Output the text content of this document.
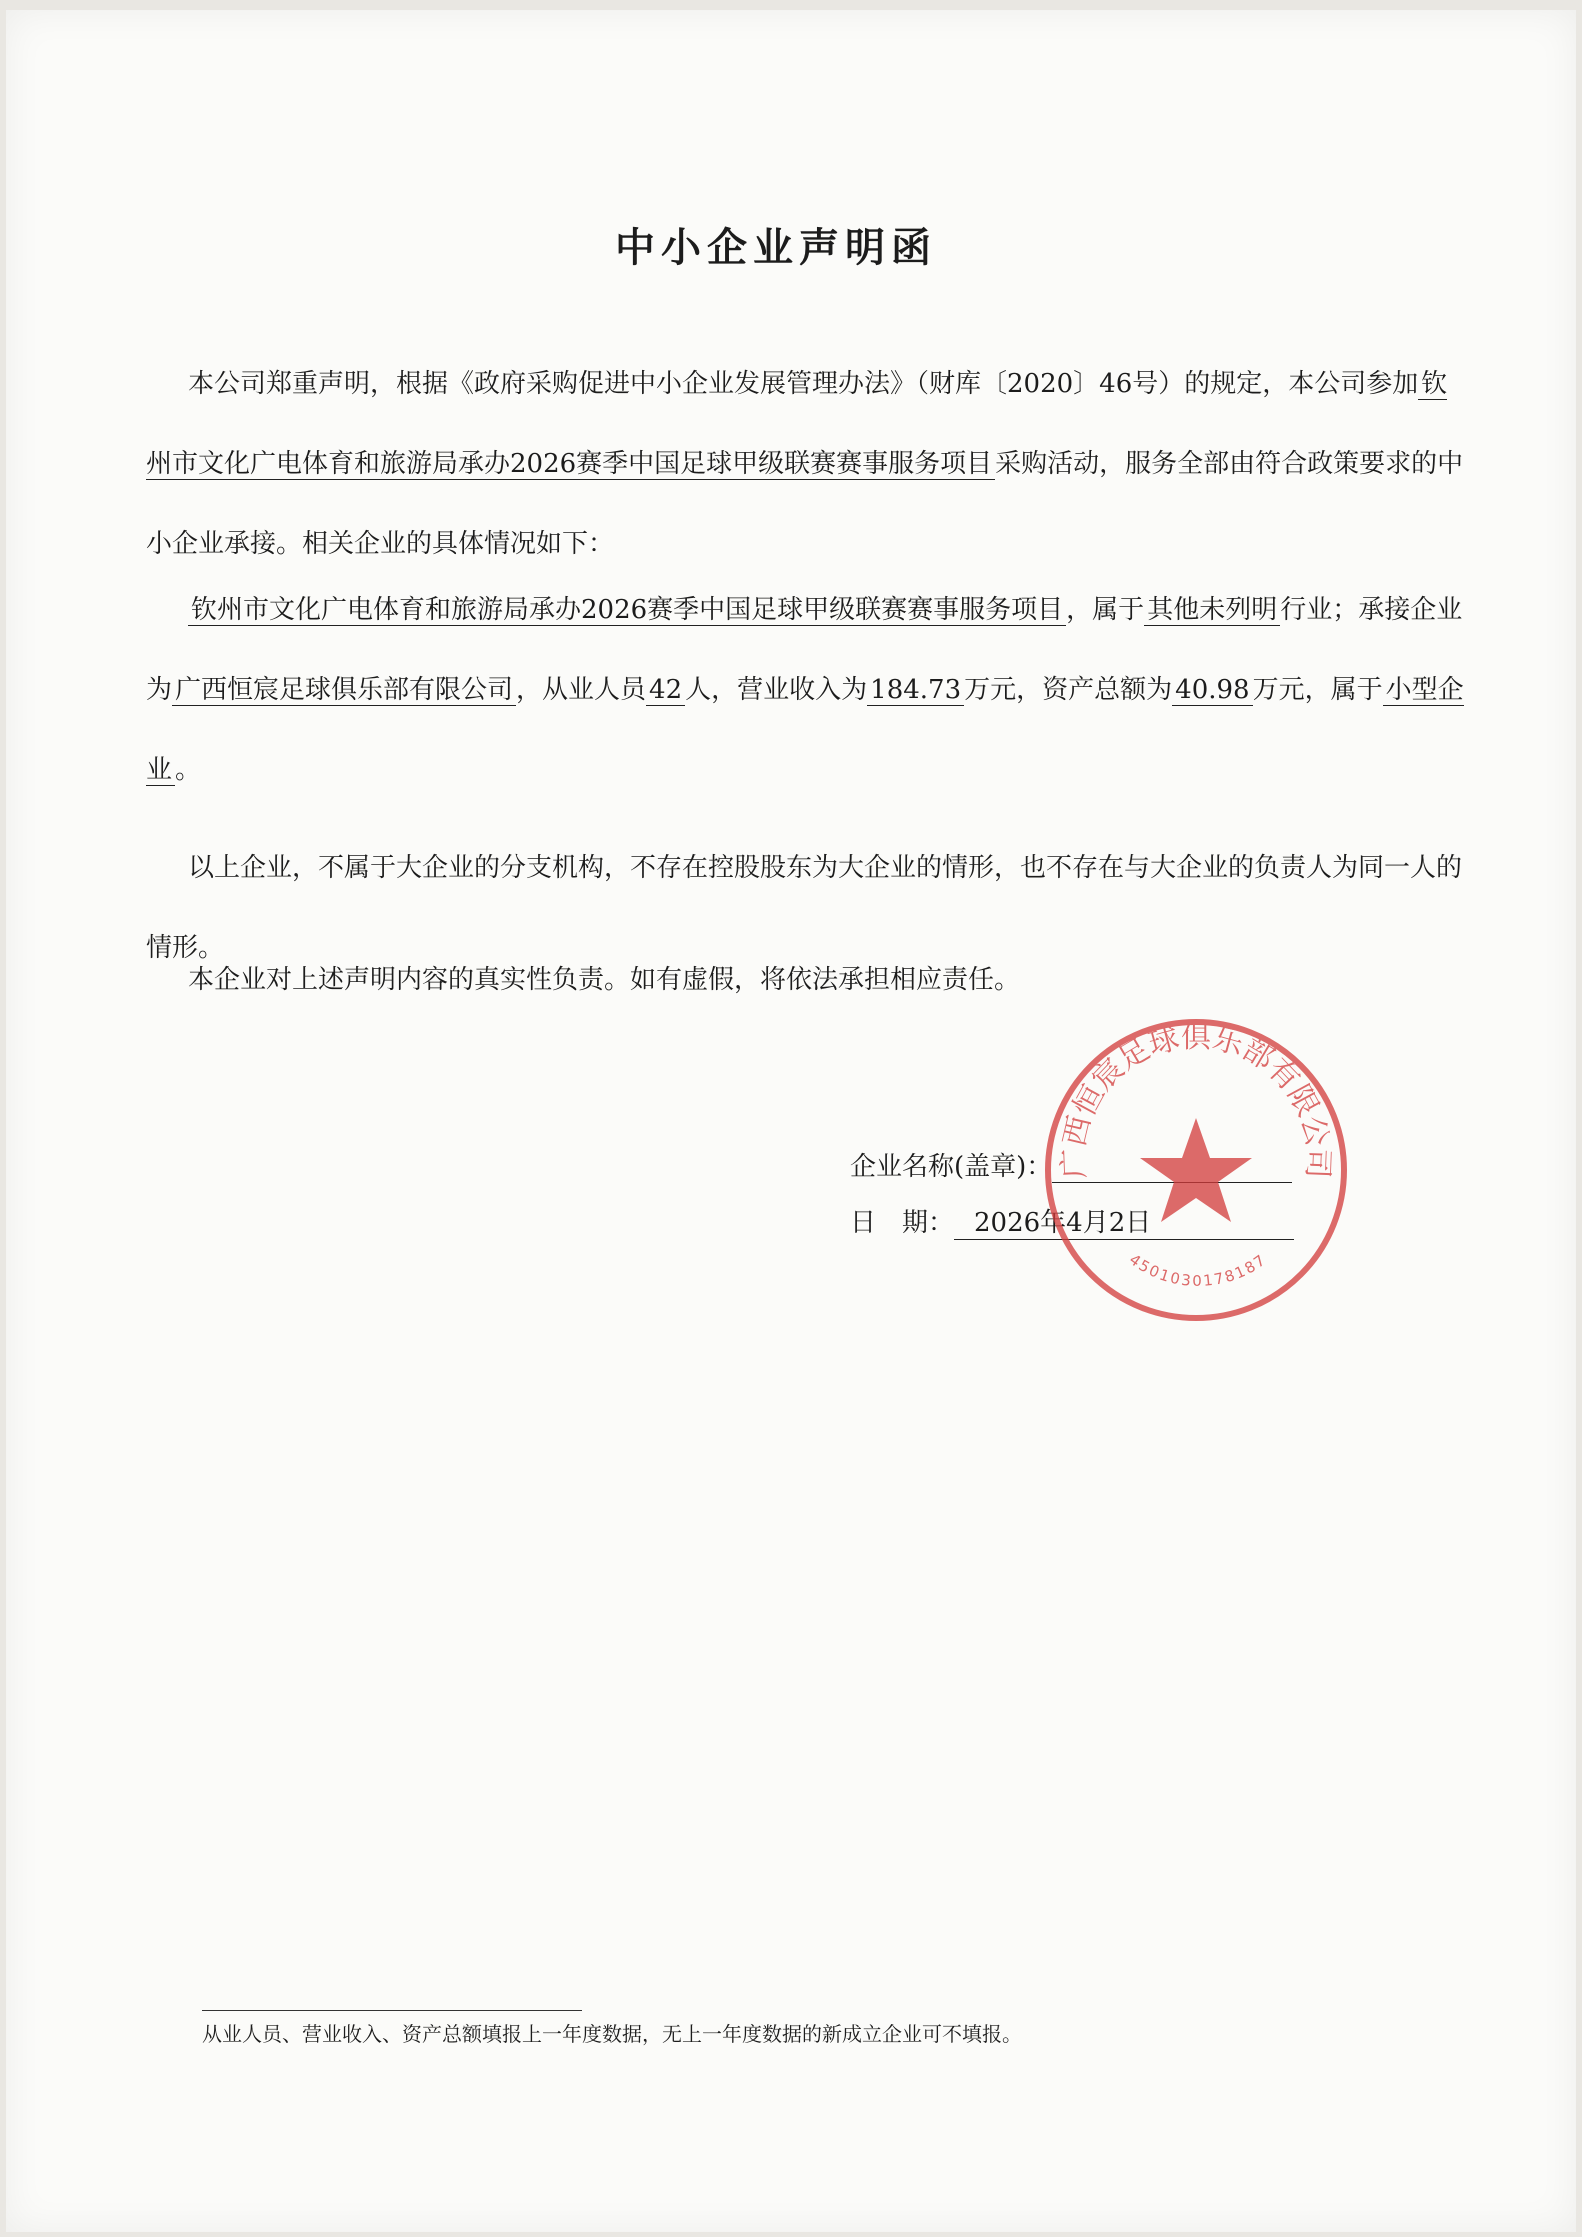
中小企业声明函
本公司郑重声明，根据《政府采购促进中小企业发展管理办法》（财库〔2020〕46号）的规定，本公司参加 钦州市文化广电体育和旅游局承办2026赛季中国足球甲级联赛赛事服务项目 采购活动，服务全部由符合政策要求的中小企业承接。相关企业的具体情况如下：
钦州市文化广电体育和旅游局承办2026赛季中国足球甲级联赛赛事服务项目 ，属于 其他未列明 行业；承接企业为 广西恒宸足球俱乐部有限公司 ，从业人员 42 人，营业收入为 184.73 万元，资产总额为 40.98 万元，属于 小型企业 。
以上企业，不属于大企业的分支机构，不存在控股股东为大企业的情形，也不存在与大企业的负责人为同一人的情形。
本企业对上述声明内容的真实性负责。如有虚假，将依法承担相应责任。
企业名称(盖章)：
日　期： 2026年4月2日
广西恒宸足球俱乐部有限公司
4501030178187
从业人员、营业收入、资产总额填报上一年度数据，无上一年度数据的新成立企业可不填报。
